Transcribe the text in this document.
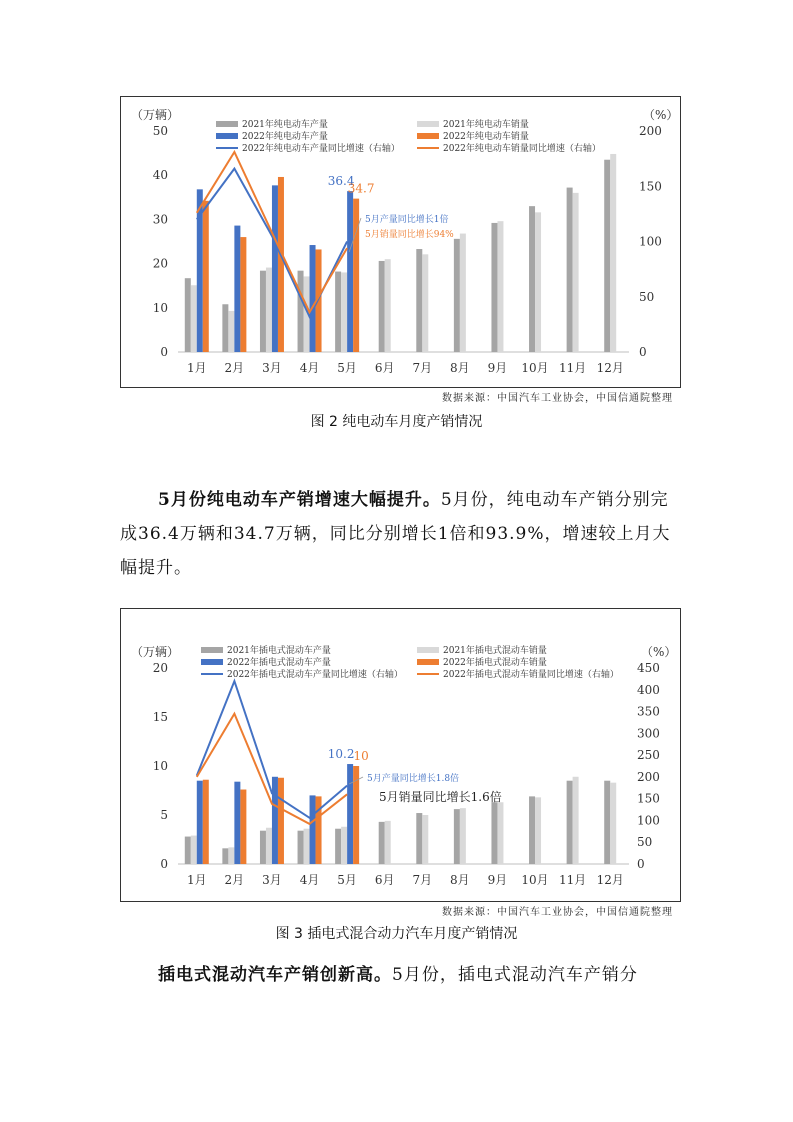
（万辆）	（%）
0
10
20
30
40
50
0
50
100
150
200
1月 2月 3月 4月 5月 6月 7月 8月 9月 10月 11月 12月
2021年纯电动车产量	2021年纯电动车销量
2022年纯电动车产量	2022年纯电动车销量
2022年纯电动车产量同比增速（右轴）	2022年纯电动车销量同比增速（右轴）
36.4
34.7
5月产量同比增长1倍
5月销量同比增长94%
数据来源：中国汽车工业协会，中国信通院整理
图 2 纯电动车月度产销情况
5月份纯电动车产销增速大幅提升。5月份，纯电动车产销分别完成36.4万辆和34.7万辆，同比分别增长1倍和93.9%，增速较上月大幅提升。
（万辆）	（%）
0
5
10
15
20
0
50
100
150
200
250
300
350
400
450
1月 2月 3月 4月 5月 6月 7月 8月 9月 10月 11月 12月
2021年插电式混动车产量	2021年插电式混动车销量
2022年插电式混动车产量	2022年插电式混动车销量
2022年插电式混动车产量同比增速（右轴）	2022年插电式混动车销量同比增速（右轴）
10.2 10
5月产量同比增长1.8倍
5月销量同比增长1.6倍
数据来源：中国汽车工业协会，中国信通院整理
图 3 插电式混合动力汽车月度产销情况
插电式混动汽车产销创新高。5月份，插电式混动汽车产销分
